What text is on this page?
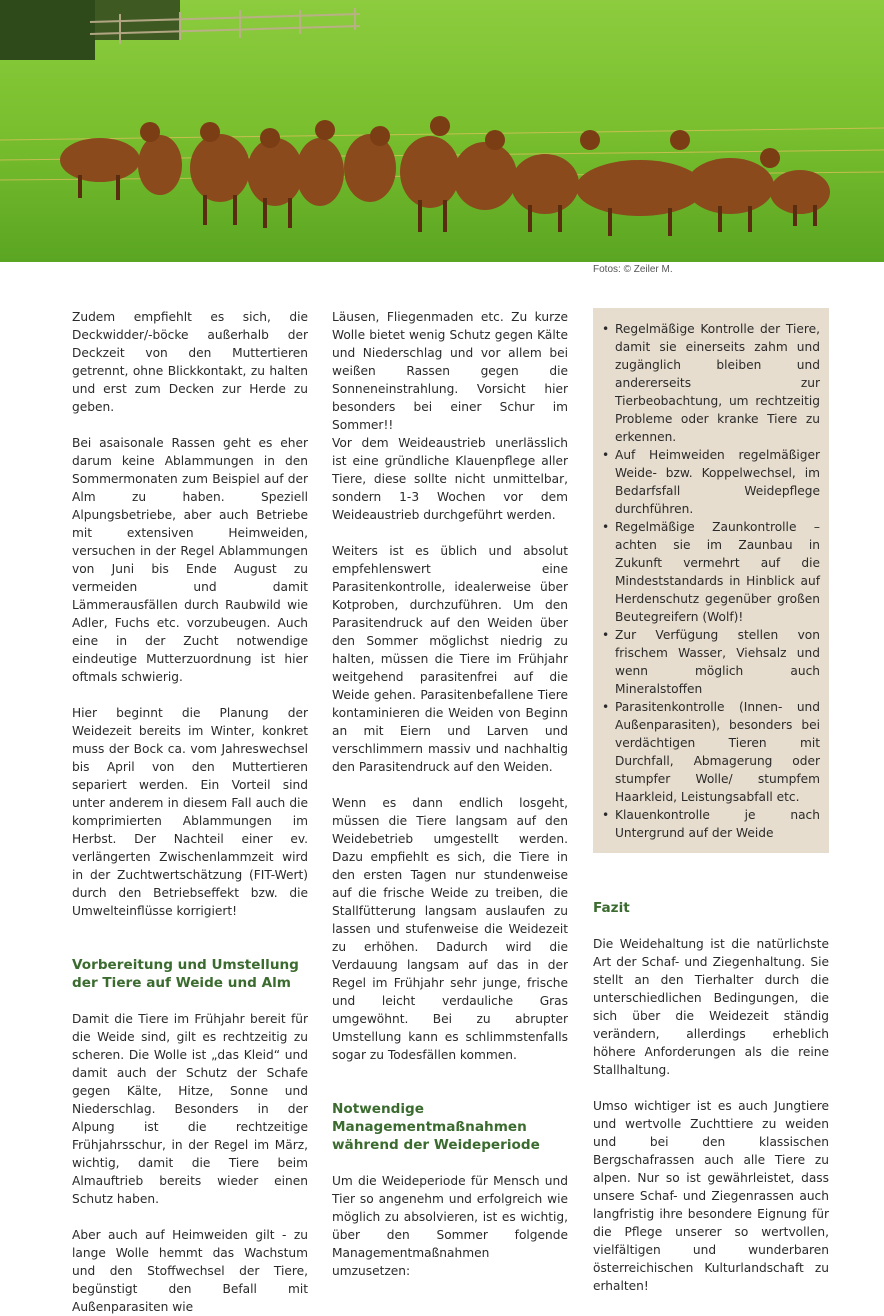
Fotos: © Zeiler M.

Zudem empfiehlt es sich, die Deckwidder/-böcke außerhalb der Deckzeit von den Muttertieren getrennt, ohne Blickkontakt, zu halten und erst zum Decken zur Herde zu geben.

Bei asaisonale Rassen geht es eher darum keine Ablammungen in den Sommermonaten zum Beispiel auf der Alm zu haben. Speziell Alpungsbetriebe, aber auch Betriebe mit extensiven Heimweiden, versuchen in der Regel Ablammungen von Juni bis Ende August zu vermeiden und damit Lämmerausfällen durch Raubwild wie Adler, Fuchs etc. vorzubeugen. Auch eine in der Zucht notwendige eindeutige Mutterzuordnung ist hier oftmals schwierig.

Hier beginnt die Planung der Weidezeit bereits im Winter, konkret muss der Bock ca. vom Jahreswechsel bis April von den Muttertieren separiert werden. Ein Vorteil sind unter anderem in diesem Fall auch die komprimierten Ablammungen im Herbst. Der Nachteil einer ev. verlängerten Zwischenlammzeit wird in der Zuchtwertschätzung (FIT-Wert) durch den Betriebseffekt bzw. die Umwelteinflüsse korrigiert!

Vorbereitung und Umstellung der Tiere auf Weide und Alm

Damit die Tiere im Frühjahr bereit für die Weide sind, gilt es rechtzeitig zu scheren. Die Wolle ist „das Kleid“ und damit auch der Schutz der Schafe gegen Kälte, Hitze, Sonne und Niederschlag. Besonders in der Alpung ist die rechtzeitige Frühjahrsschur, in der Regel im März, wichtig, damit die Tiere beim Almauftrieb bereits wieder einen Schutz haben.

Aber auch auf Heimweiden gilt - zu lange Wolle hemmt das Wachstum und den Stoffwechsel der Tiere, begünstigt den Befall mit Außenparasiten wie

Läusen, Fliegenmaden etc. Zu kurze Wolle bietet wenig Schutz gegen Kälte und Niederschlag und vor allem bei weißen Rassen gegen die Sonneneinstrahlung. Vorsicht hier besonders bei einer Schur im Sommer!!

Vor dem Weideaustrieb unerlässlich ist eine gründliche Klauenpflege aller Tiere, diese sollte nicht unmittelbar, sondern 1-3 Wochen vor dem Weideaustrieb durchgeführt werden.

Weiters ist es üblich und absolut empfehlenswert eine Parasitenkontrolle, idealerweise über Kotproben, durchzuführen. Um den Parasitendruck auf den Weiden über den Sommer möglichst niedrig zu halten, müssen die Tiere im Frühjahr weitgehend parasitenfrei auf die Weide gehen. Parasitenbefallene Tiere kontaminieren die Weiden von Beginn an mit Eiern und Larven und verschlimmern massiv und nachhaltig den Parasitendruck auf den Weiden.

Wenn es dann endlich losgeht, müssen die Tiere langsam auf den Weidebetrieb umgestellt werden. Dazu empfiehlt es sich, die Tiere in den ersten Tagen nur stundenweise auf die frische Weide zu treiben, die Stallfütterung langsam auslaufen zu lassen und stufenweise die Weidezeit zu erhöhen. Dadurch wird die Verdauung langsam auf das in der Regel im Frühjahr sehr junge, frische und leicht verdauliche Gras umgewöhnt. Bei zu abrupter Umstellung kann es schlimmstenfalls sogar zu Todesfällen kommen.

Notwendige Managementmaßnahmen während der Weideperiode

Um die Weideperiode für Mensch und Tier so angenehm und erfolgreich wie möglich zu absolvieren, ist es wichtig, über den Sommer folgende Managementmaßnahmen umzusetzen:

• Regelmäßige Kontrolle der Tiere, damit sie einerseits zahm und zugänglich bleiben und andererseits zur Tierbeobachtung, um rechtzeitig Probleme oder kranke Tiere zu erkennen.
• Auf Heimweiden regelmäßiger Weide- bzw. Koppelwechsel, im Bedarfsfall Weidepflege durchführen.
• Regelmäßige Zaunkontrolle – achten sie im Zaunbau in Zukunft vermehrt auf die Mindeststandards in Hinblick auf Herdenschutz gegenüber großen Beutegreifern (Wolf)!
• Zur Verfügung stellen von frischem Wasser, Viehsalz und wenn möglich auch Mineralstoffen
• Parasitenkontrolle (Innen- und Außenparasiten), besonders bei verdächtigen Tieren mit Durchfall, Abmagerung oder stumpfer Wolle/ stumpfem Haarkleid, Leistungsabfall etc.
• Klauenkontrolle je nach Untergrund auf der Weide
Fazit

Die Weidehaltung ist die natürlichste Art der Schaf- und Ziegenhaltung. Sie stellt an den Tierhalter durch die unterschiedlichen Bedingungen, die sich über die Weidezeit ständig verändern, allerdings erheblich höhere Anforderungen als die reine Stallhaltung.

Umso wichtiger ist es auch Jungtiere und wertvolle Zuchttiere zu weiden und bei den klassischen Bergschafrassen auch alle Tiere zu alpen. Nur so ist gewährleistet, dass unsere Schaf- und Ziegenrassen auch langfristig ihre besondere Eignung für die Pflege unserer so wertvollen, vielfältigen und wunderbaren österreichischen Kulturlandschaft zu erhalten!
